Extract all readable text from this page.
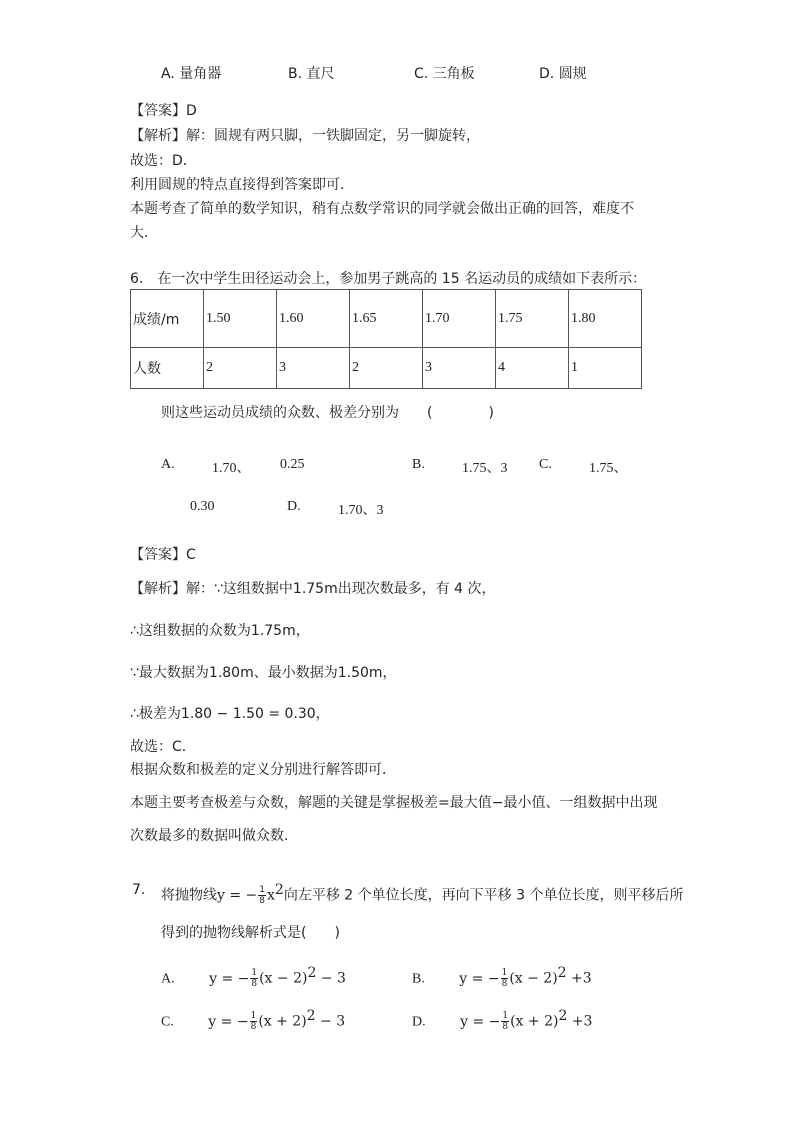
A. 量角器	B. 直尺	C. 三角板	D. 圆规
【答案】D
【解析】解：圆规有两只脚，一铁脚固定，另一脚旋转，
故选：D．
利用圆规的特点直接得到答案即可．
本题考查了简单的数学知识，稍有点数学常识的同学就会做出正确的回答，难度不
大．
6.　在一次中学生田径运动会上，参加男子跳高的 15 名运动员的成绩如下表所示：
成绩/m	1.50	1.60	1.65	1.70	1.75	1.80
人数	2	3	2	3	4	1
则这些运动员成绩的众数、极差分别为　　(　　　　)
A.	1.70、 0.25	B.	1.75、3 C.	1.75、
0.30	D.	1.70、3
【答案】C
【解析】解：∵这组数据中1.75m出现次数最多，有 4 次，
∴这组数据的众数为1.75m，
∵最大数据为1.80m、最小数据为1.50m，
∴极差为1.80 − 1.50 = 0.30，
故选：C．
根据众数和极差的定义分别进行解答即可．
本题主要考查极差与众数，解题的关键是掌握极差=最大值−最小值、一组数据中出现
次数最多的数据叫做众数．
7. 将抛物线y = − $\frac{1}{8} x^2$向左平移 2 个单位长度，再向下平移 3 个单位长度，则平移后所
得到的抛物线解析式是(　　)
A. y = − $\frac{1}{8} (x - 2)^2 - 3$	B. y = − $\frac{1}{8} (x - 2)^2 +3$
C. y = − $\frac{1}{8} (x + 2)^2 - 3$	D. y = − $\frac{1}{8} (x + 2)^2 +3$
